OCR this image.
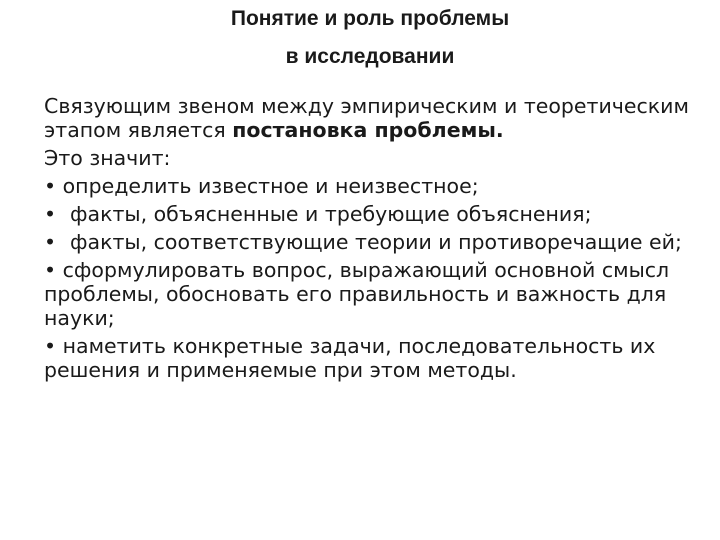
Понятие и роль проблемы
в исследовании

Связующим звеном между эмпирическим и теоретическим этапом является постановка проблемы.

Это значит:

• определить известное и неизвестное;

• факты, объясненные и требующие объяснения;
• факты, соответствующие теории и противоречащие ей;

• сформулировать вопрос, выражающий основной смысл проблемы, обосновать его правильность и важность для науки;

• наметить конкретные задачи, последовательность их решения и применяемые при этом методы.
